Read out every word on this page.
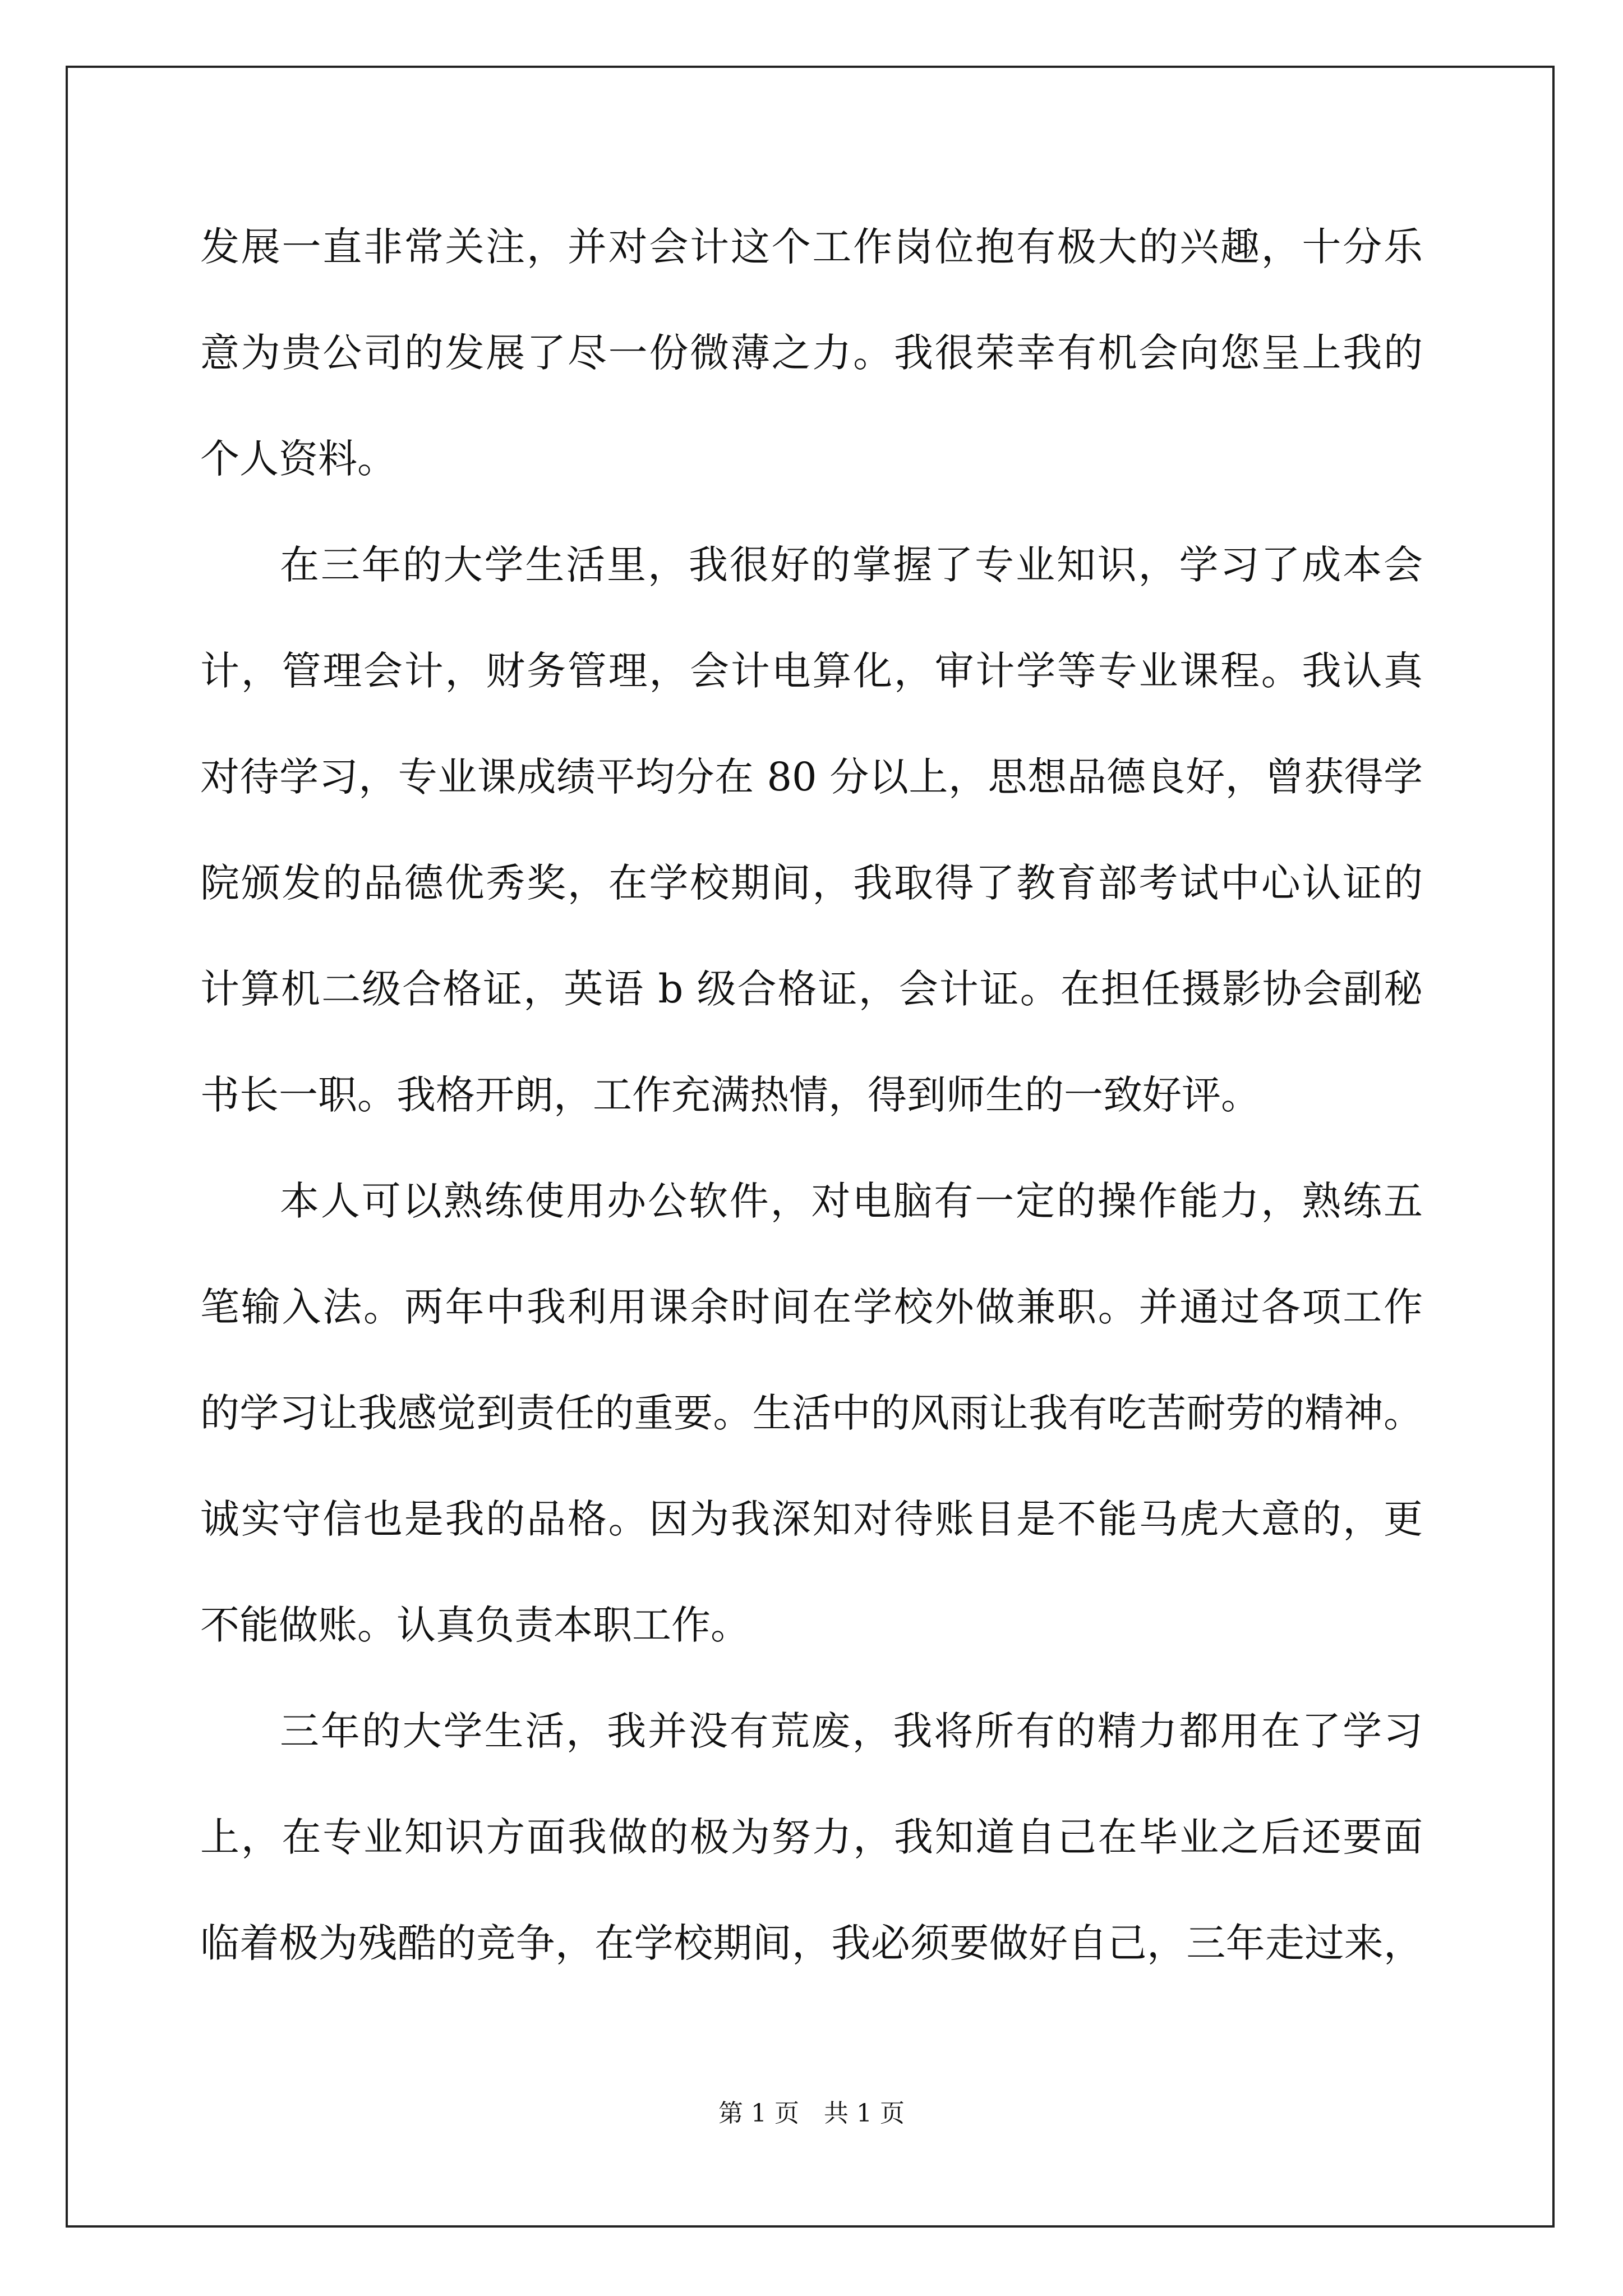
发展一直非常关注，并对会计这个工作岗位抱有极大的兴趣，十分乐
意为贵公司的发展了尽一份微薄之力。我很荣幸有机会向您呈上我的
个人资料。
在三年的大学生活里，我很好的掌握了专业知识，学习了成本会
计，管理会计，财务管理，会计电算化，审计学等专业课程。我认真
对待学习，专业课成绩平均分在 80 分以上，思想品德良好，曾获得学
院颁发的品德优秀奖，在学校期间，我取得了教育部考试中心认证的
计算机二级合格证，英语 b 级合格证，会计证。在担任摄影协会副秘
书长一职。我格开朗，工作充满热情，得到师生的一致好评。
本人可以熟练使用办公软件，对电脑有一定的操作能力，熟练五
笔输入法。两年中我利用课余时间在学校外做兼职。并通过各项工作
的学习让我感觉到责任的重要。生活中的风雨让我有吃苦耐劳的精神。
诚实守信也是我的品格。因为我深知对待账目是不能马虎大意的，更
不能做账。认真负责本职工作。
三年的大学生活，我并没有荒废，我将所有的精力都用在了学习
上，在专业知识方面我做的极为努力，我知道自己在毕业之后还要面
临着极为残酷的竞争，在学校期间，我必须要做好自己，三年走过来，
第 1 页　共 1 页
